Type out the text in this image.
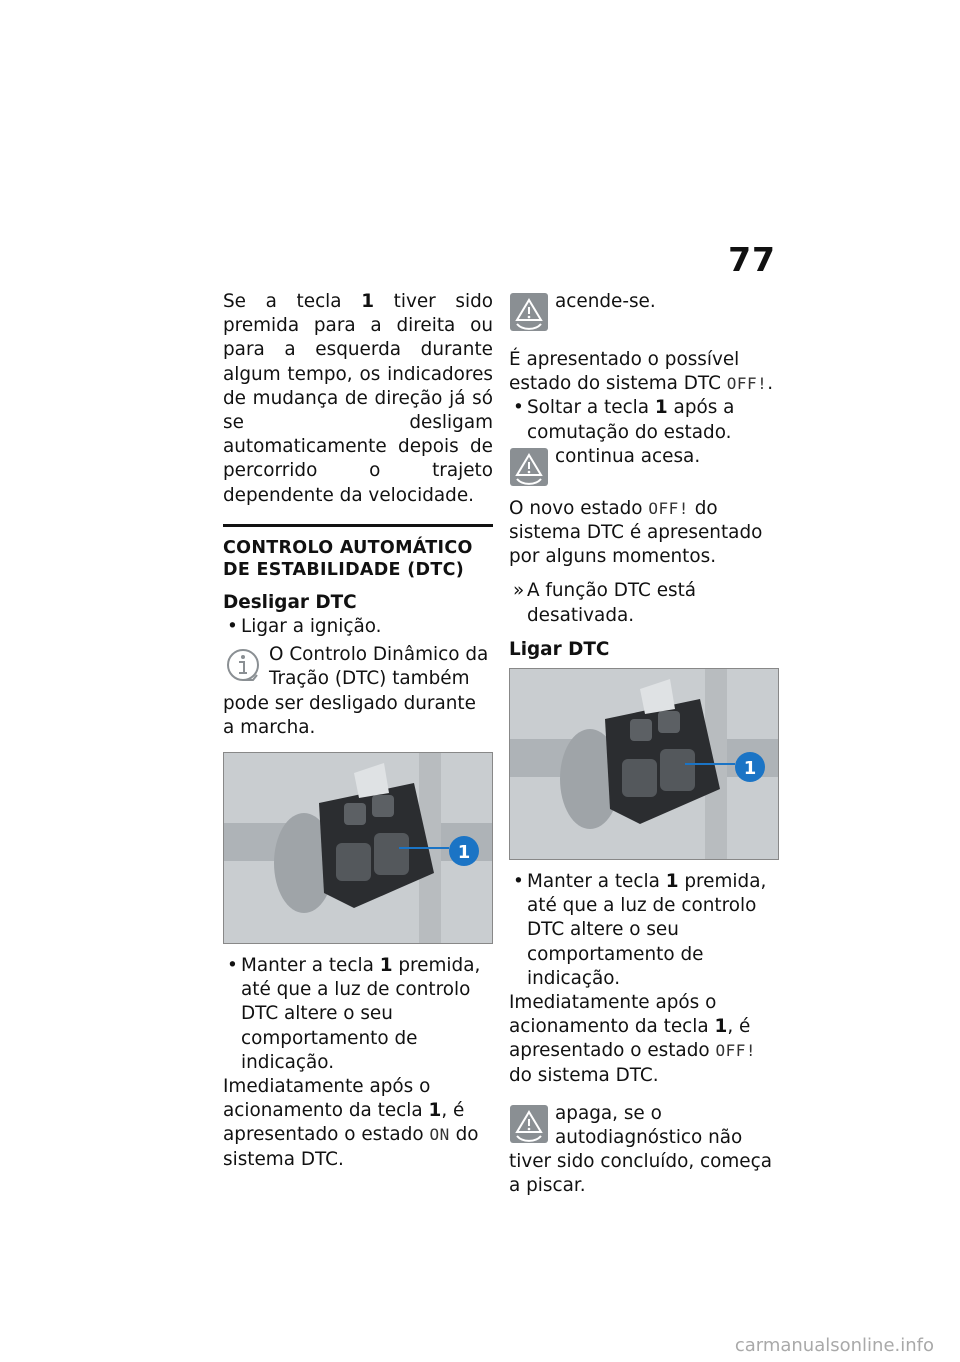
77

Se a tecla 1 tiver sido premida para a direita ou para a esquerda durante algum tempo, os indicadores de mudança de direção já só se desligam automaticamente depois de percorrido o trajeto dependente da velocidade.

CONTROLO AUTOMÁTICO DE ESTABILIDADE (DTC)

Desligar DTC

• Ligar a ignição.

O Controlo Dinâmico da Tração (DTC) também pode ser desligado durante a marcha.

1

• Manter a tecla 1 premida, até que a luz de controlo DTC altere o seu comportamento de indicação.

Imediatamente após o acionamento da tecla 1, é apresentado o estado ON do sistema DTC.

acende-se.

É apresentado o possível estado do sistema DTC OFF!.

• Soltar a tecla 1 após a comutação do estado.

continua acesa.

O novo estado OFF! do sistema DTC é apresentado por alguns momentos.

» A função DTC está desativada.

Ligar DTC

1

• Manter a tecla 1 premida, até que a luz de controlo DTC altere o seu comportamento de indicação.

Imediatamente após o acionamento da tecla 1, é apresentado o estado OFF! do sistema DTC.

apaga, se o autodiagnóstico não tiver sido concluído, começa a piscar.

carmanualsonline.info
